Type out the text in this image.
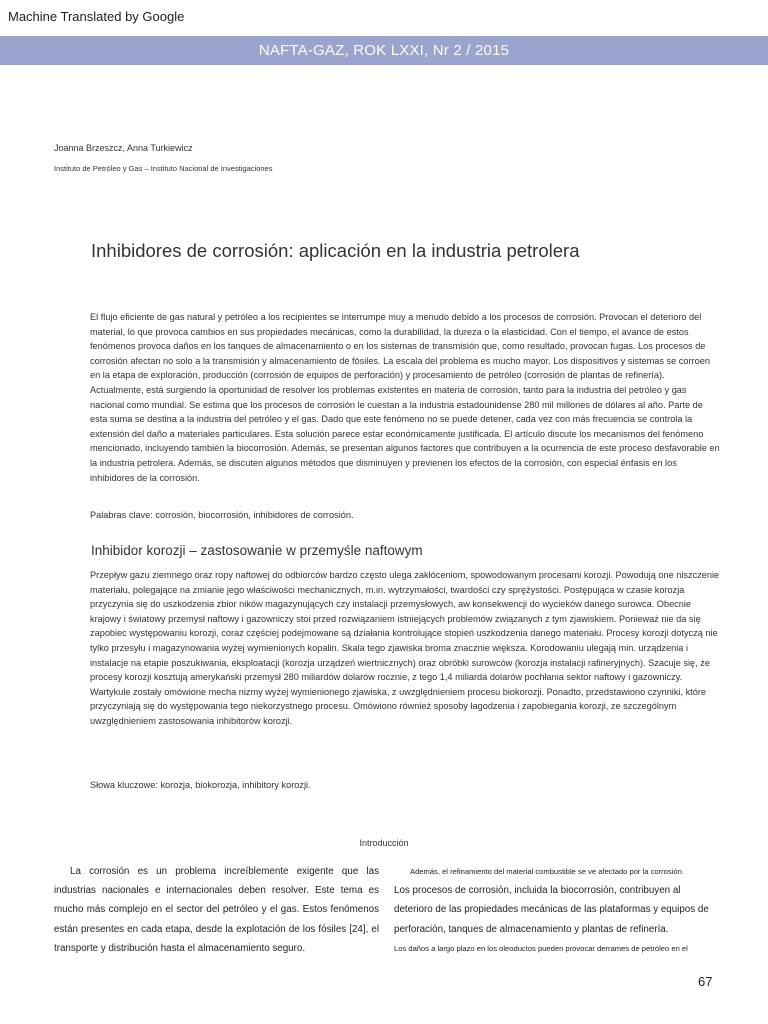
Machine Translated by Google
NAFTA-GAZ, ROK LXXI, Nr 2 / 2015
Joanna Brzeszcz, Anna Turkiewicz
Instituto de Petróleo y Gas – Instituto Nacional de Investigaciones
Inhibidores de corrosión: aplicación en la industria petrolera

El flujo eficiente de gas natural y petróleo a los recipientes se interrumpe muy a menudo debido a los procesos de corrosión. Provocan el deterioro del material, lo que provoca cambios en sus propiedades mecánicas, como la durabilidad, la dureza o la elasticidad. Con el tiempo, el avance de estos fenómenos provoca daños en los tanques de almacenamiento o en los sistemas de transmisión que, como resultado, provocan fugas. Los procesos de corrosión afectan no solo a la transmisión y almacenamiento de fósiles. La escala del problema es mucho mayor. Los dispositivos y sistemas se corroen en la etapa de exploración, producción (corrosión de equipos de perforación) y procesamiento de petróleo (corrosión de plantas de refinería). Actualmente, está surgiendo la oportunidad de resolver los problemas existentes en materia de corrosión, tanto para la industria del petróleo y gas nacional como mundial. Se estima que los procesos de corrosión le cuestan a la industria estadounidense 280 mil millones de dólares al año. Parte de esta suma se destina a la industria del petróleo y el gas. Dado que este fenómeno no se puede detener, cada vez con más frecuencia se controla la extensión del daño a materiales particulares. Esta solución parece estar económicamente justificada. El artículo discute los mecanismos del fenómeno mencionado, incluyendo también la biocorrosión. Además, se presentan algunos factores que contribuyen a la ocurrencia de este proceso desfavorable en la industria petrolera. Además, se discuten algunos métodos que disminuyen y previenen los efectos de la corrosión, con especial énfasis en los inhibidores de la corrosión.

Palabras clave: corrosión, biocorrosión, inhibidores de corrosión.
Inhibidor korozji – zastosowanie w przemyśle naftowym

Przepływ gazu ziemnego oraz ropy naftowej do odbiorców bardzo często ulega zakłóceniom, spowodowanym procesami korozji. Powodują one niszczenie materiału, polegające na zmianie jego właściwości mechanicznych, m.in. wytrzymałości, twardości czy sprężystości. Postępująca w czasie korozja przyczynia się do uszkodzenia zbior ników magazynujących czy instalacji przemysłowych, aw konsekwencji do wycieków danego surowca. Obecnie krajowy i światowy przemysł naftowy i gazowniczy stoi przed rozwiązaniem istniejących problemów związanych z tym zjawiskiem. Ponieważ nie da się zapobiec występowaniu korozji, coraz częściej podejmowane są działania kontrolujące stopień uszkodzenia danego materiału. Procesy korozji dotyczą nie tylko przesyłu i magazynowania wyżej wymienionych kopalin. Skala tego zjawiska broma znacznie większa. Korodowaniu ulegają min. urządzenia i instalacje na etapie poszukiwania, eksploatacji (korozja urządzeń wiertnicznych) oraz obróbki surowców (korozja instalacji rafineryjnych). Szacuje się, że procesy korozji kosztują amerykański przemysł 280 miliardów dolarów rocznie, z tego 1,4 miliarda dolarów pochłania sektor naftowy i gazowniczy. Wartykule zostały omówione mecha nizmy wyżej wymienionego zjawiska, z uwzględnieniem procesu biokorozji. Ponadto, przedstawiono czynniki, które przyczyniają się do występowania tego niekorzystnego procesu. Omówiono również sposoby łagodzenia i zapobiegania korozji, ze szczególnym uwzględnieniem zastosowania inhibitorów korozji.

Słowa kluczowe: korozja, biokorozja, inhibitory korozji.
Introducción

La corrosión es un problema increíblemente exigente que las industrias nacionales e internacionales deben resolver. Este tema es mucho más complejo en el sector del petróleo y el gas. Estos fenómenos están presentes en cada etapa, desde la explotación de los fósiles [24], el transporte y distribución hasta el almacenamiento seguro.

Además, el refinamiento del material combustible se ve afectado por la corrosión.
Los procesos de corrosión, incluida la biocorrosión, contribuyen al deterioro de las propiedades mecánicas de las plataformas y equipos de perforación, tanques de almacenamiento y plantas de refinería.
Los daños a largo plazo en los oleoductos pueden provocar derrames de petróleo en el
67
